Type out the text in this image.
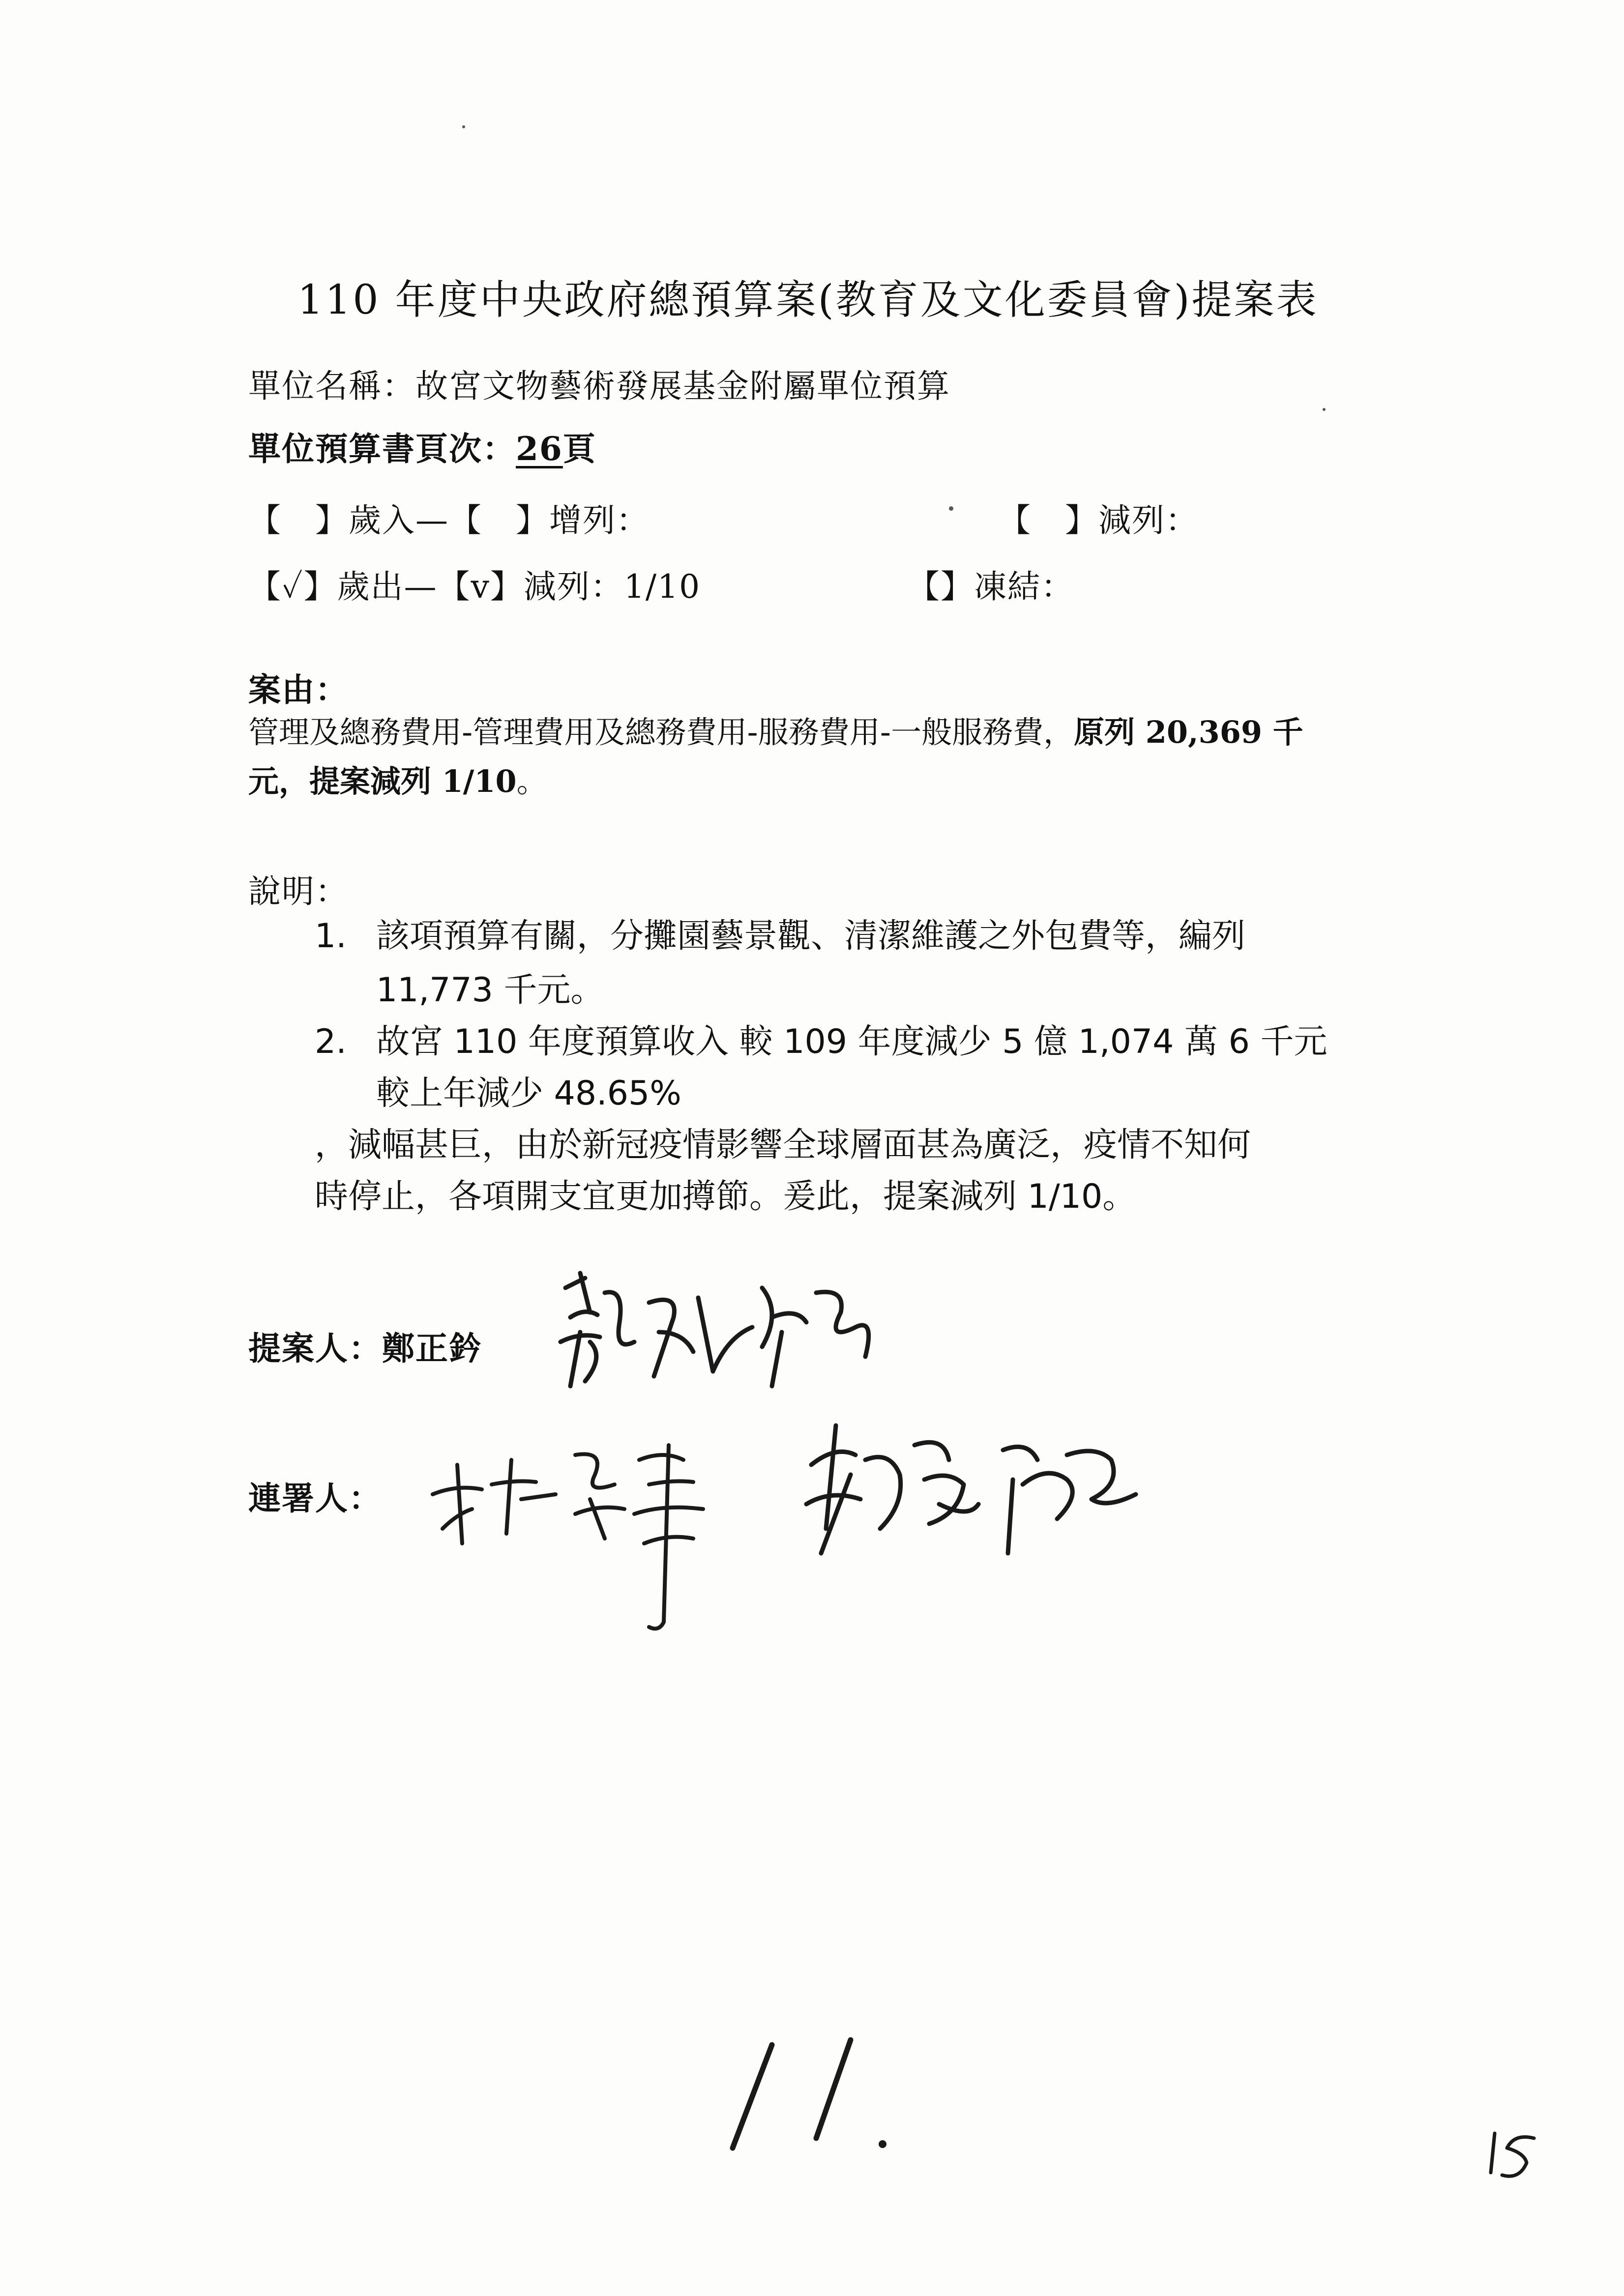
110 年度中央政府總預算案(教育及文化委員會)提案表
單位名稱：故宮文物藝術發展基金附屬單位預算
單位預算書頁次：26頁
【　】歲入—【　】增列：	【　】減列：
【✓】歲出—【v】減列：1/10	【】凍結：
案由：
管理及總務費用-管理費用及總務費用-服務費用-一般服務費，原列 20,369 千
元，提案減列 1/10。
說明：
1. 該項預算有關，分攤園藝景觀、清潔維護之外包費等，編列
11,773 千元。
2. 故宮 110 年度預算收入 較 109 年度減少 5 億 1,074 萬 6 千元
較上年減少 48.65%
，減幅甚巨，由於新冠疫情影響全球層面甚為廣泛，疫情不知何
時停止，各項開支宜更加撙節。爰此，提案減列 1/10。
提案人：鄭正鈐
連署人：
